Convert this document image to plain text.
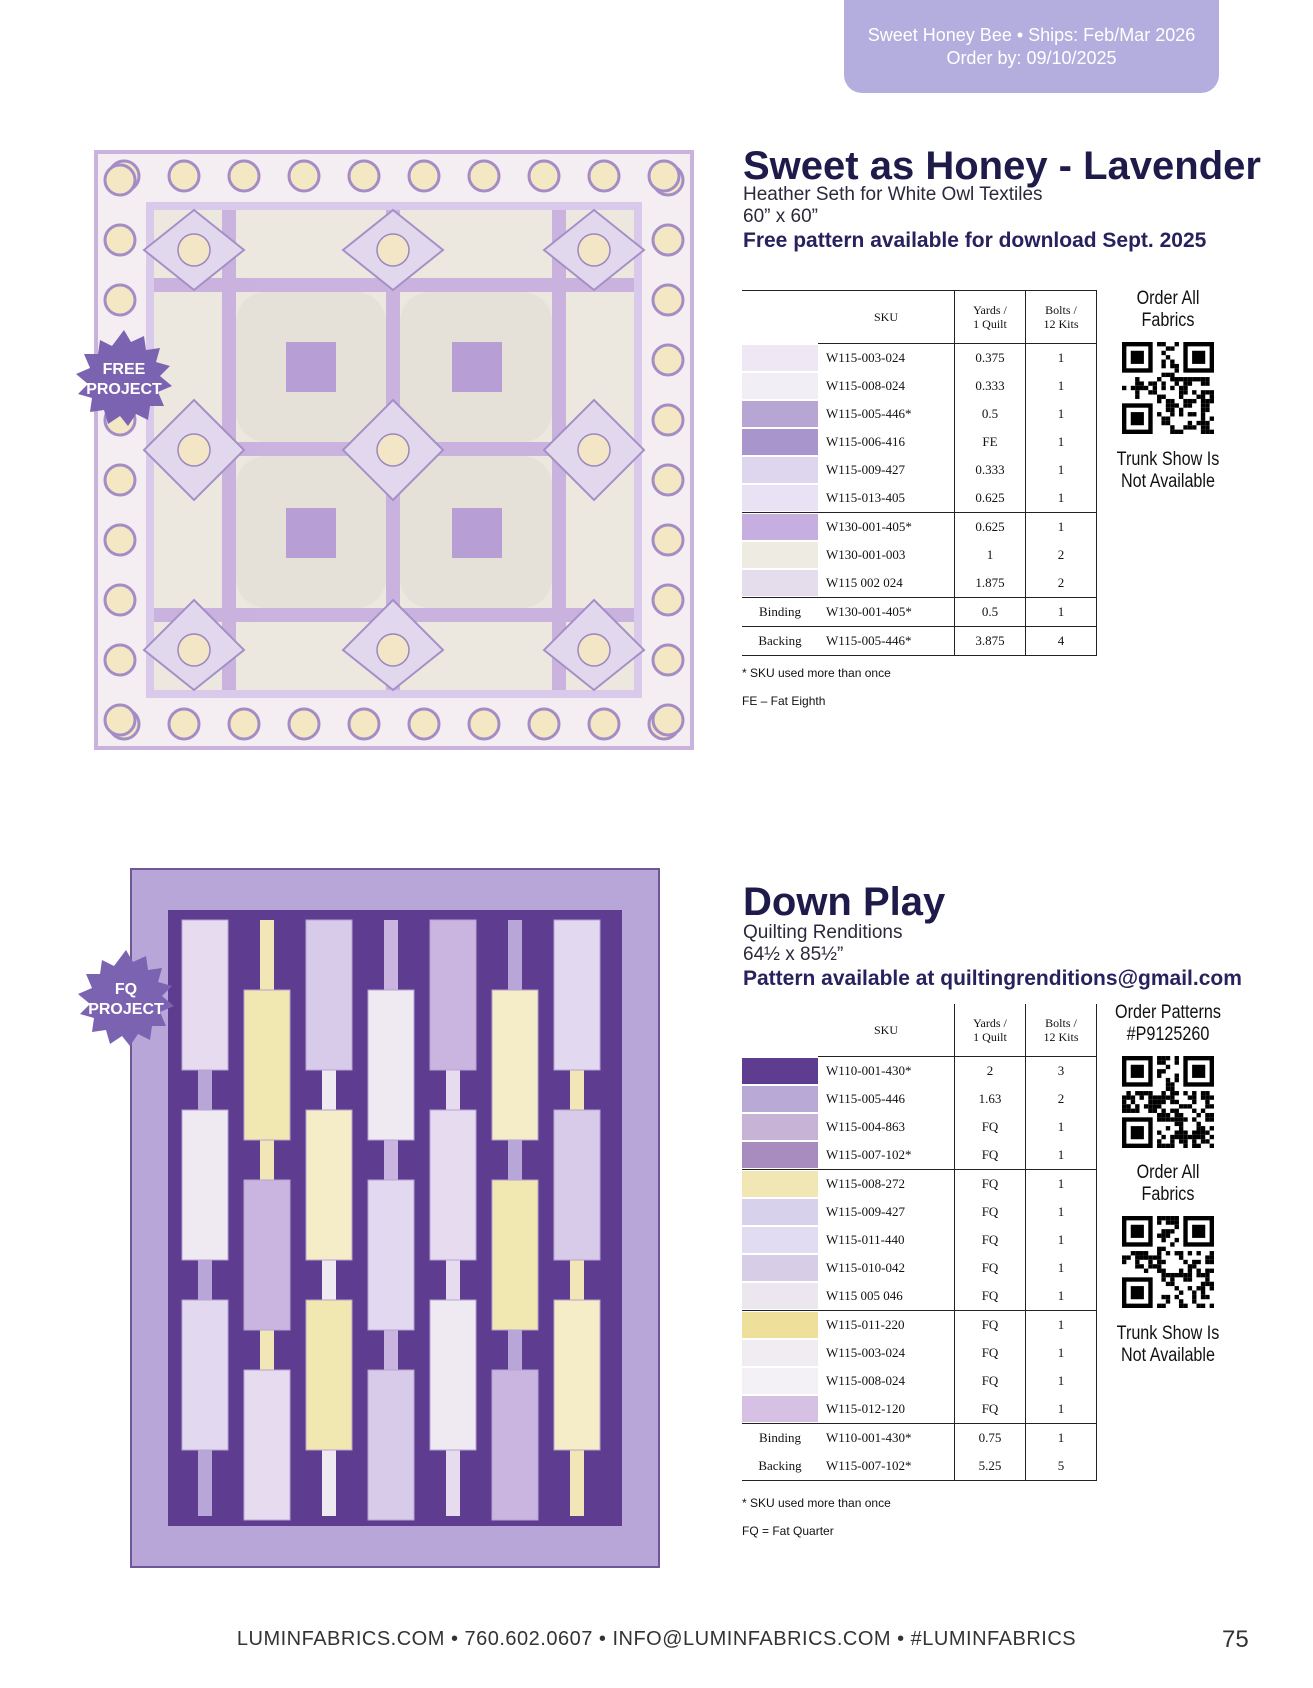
Sweet Honey Bee • Ships: Feb/Mar 2026
Order by: 09/10/2025
FREE
PROJECT
Sweet as Honey - Lavender
Heather Seth for White Owl Textiles
60” x 60”
Free pattern available for download Sept. 2025
	SKU	Yards /
1 Quilt	Bolts /
12 Kits

	W115-003-024	0.375	1

	W115-008-024	0.333	1

	W115-005-446*	0.5	1

	W115-006-416	FE	1

	W115-009-427	0.333	1

	W115-013-405	0.625	1

	W130-001-405*	0.625	1

	W130-001-003	1	2

	W115 002 024	1.875	2
Binding	W130-001-405*	0.5	1
Backing	W115-005-446*	3.875	4
* SKU used more than once
FE – Fat Eighth
Order All
Fabrics
Trunk Show Is
Not Available
FQ
PROJECT
Down Play
Quilting Renditions
64½ x 85½”
Pattern available at quiltingrenditions@gmail.com
	SKU	Yards /
1 Quilt	Bolts /
12 Kits

	W110-001-430*	2	3

	W115-005-446	1.63	2

	W115-004-863	FQ	1

	W115-007-102*	FQ	1

	W115-008-272	FQ	1

	W115-009-427	FQ	1

	W115-011-440	FQ	1

	W115-010-042	FQ	1

	W115 005 046	FQ	1

	W115-011-220	FQ	1

	W115-003-024	FQ	1

	W115-008-024	FQ	1

	W115-012-120	FQ	1
Binding	W110-001-430*	0.75	1
Backing	W115-007-102*	5.25	5
* SKU used more than once
FQ = Fat Quarter
Order Patterns
#P9125260
Order All
Fabrics
Trunk Show Is
Not Available
LUMINFABRICS.COM • 760.602.0607 • INFO@LUMINFABRICS.COM • #LUMINFABRICS	75
